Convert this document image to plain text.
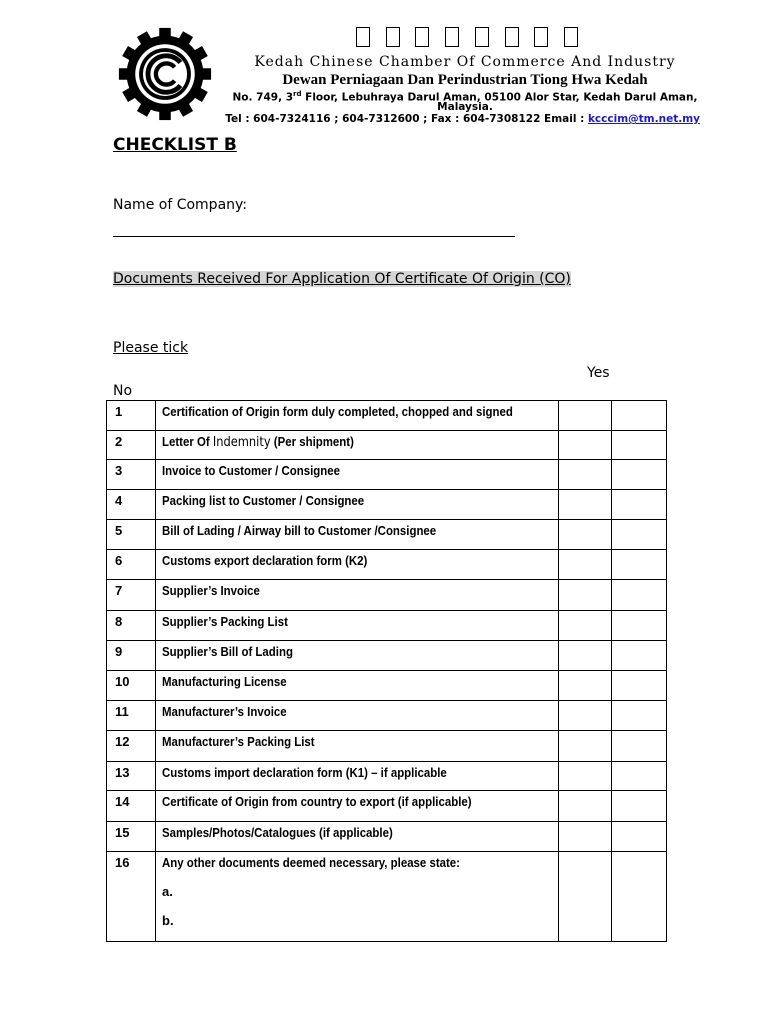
Kedah Chinese Chamber Of Commerce And Industry
Dewan Perniagaan Dan Perindustrian Tiong Hwa Kedah
No. 749, 3rd Floor, Lebuhraya Darul Aman, 05100 Alor Star, Kedah Darul Aman,
Malaysia.
Tel : 604-7324116 ; 604-7312600 ; Fax : 604-7308122 Email : kcccim@tm.net.my
CHECKLIST B
Name of Company:
Documents Received For Application Of Certificate Of Origin (CO)
Please tick
Yes
No
1	Certification of Origin form duly completed, chopped and signed		
2	Letter Of Indemnity (Per shipment)		
3	Invoice to Customer / Consignee		
4	Packing list to Customer / Consignee		
5	Bill of Lading / Airway bill to Customer /Consignee		
6	Customs export declaration form (K2)		
7	Supplier’s Invoice		
8	Supplier’s Packing List		
9	Supplier’s Bill of Lading		
10	Manufacturing License		
11	Manufacturer’s Invoice		
12	Manufacturer’s Packing List		
13	Customs import declaration form (K1) – if applicable		
14	Certificate of Origin from country to export (if applicable)		
15	Samples/Photos/Catalogues (if applicable)		
16	Any other documents deemed necessary, please state:
a.
b.		
